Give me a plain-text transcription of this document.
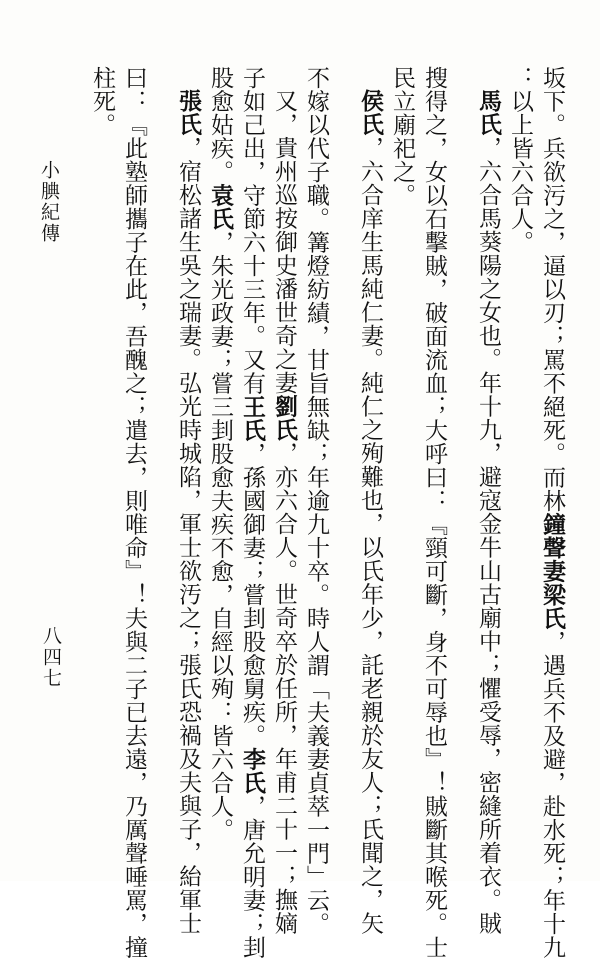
坂下。兵欲污之，逼以刃；罵不絕死。而林鐘聲妻梁氏，遇兵不及避，赴水死；年十九
：以上皆六合人。
馬氏，六合馬葵陽之女也。年十九，避寇金牛山古廟中；懼受辱，密縫所着衣。賊
搜得之，女以石擊賊，破面流血；大呼曰：『頸可斷，身不可辱也』！賊斷其喉死。士
民立廟祀之。
侯氏，六合庠生馬純仁妻。純仁之殉難也，以氏年少，託老親於友人；氏聞之，矢
不嫁以代子職。篝燈紡績，甘旨無缺；年逾九十卒。時人謂「夫義妻貞萃一門」云。
又，貴州巡按御史潘世奇之妻劉氏，亦六合人。世奇卒於任所，年甫二十一；撫嫡
子如己出，守節六十三年。又有王氏，孫國御妻；嘗刲股愈舅疾。李氏，唐允明妻；刲
股愈姑疾。袁氏，朱光政妻；嘗三刲股愈夫疾不愈，自經以殉：皆六合人。
張氏，宿松諸生吳之瑞妻。弘光時城陷，軍士欲汚之；張氏恐禍及夫與子，紿軍士
曰：『此塾師攜子在此，吾醜之；遣去，則唯命』！夫與二子已去遠，乃厲聲唾罵，撞
柱死。
小腆紀傳
八四七
